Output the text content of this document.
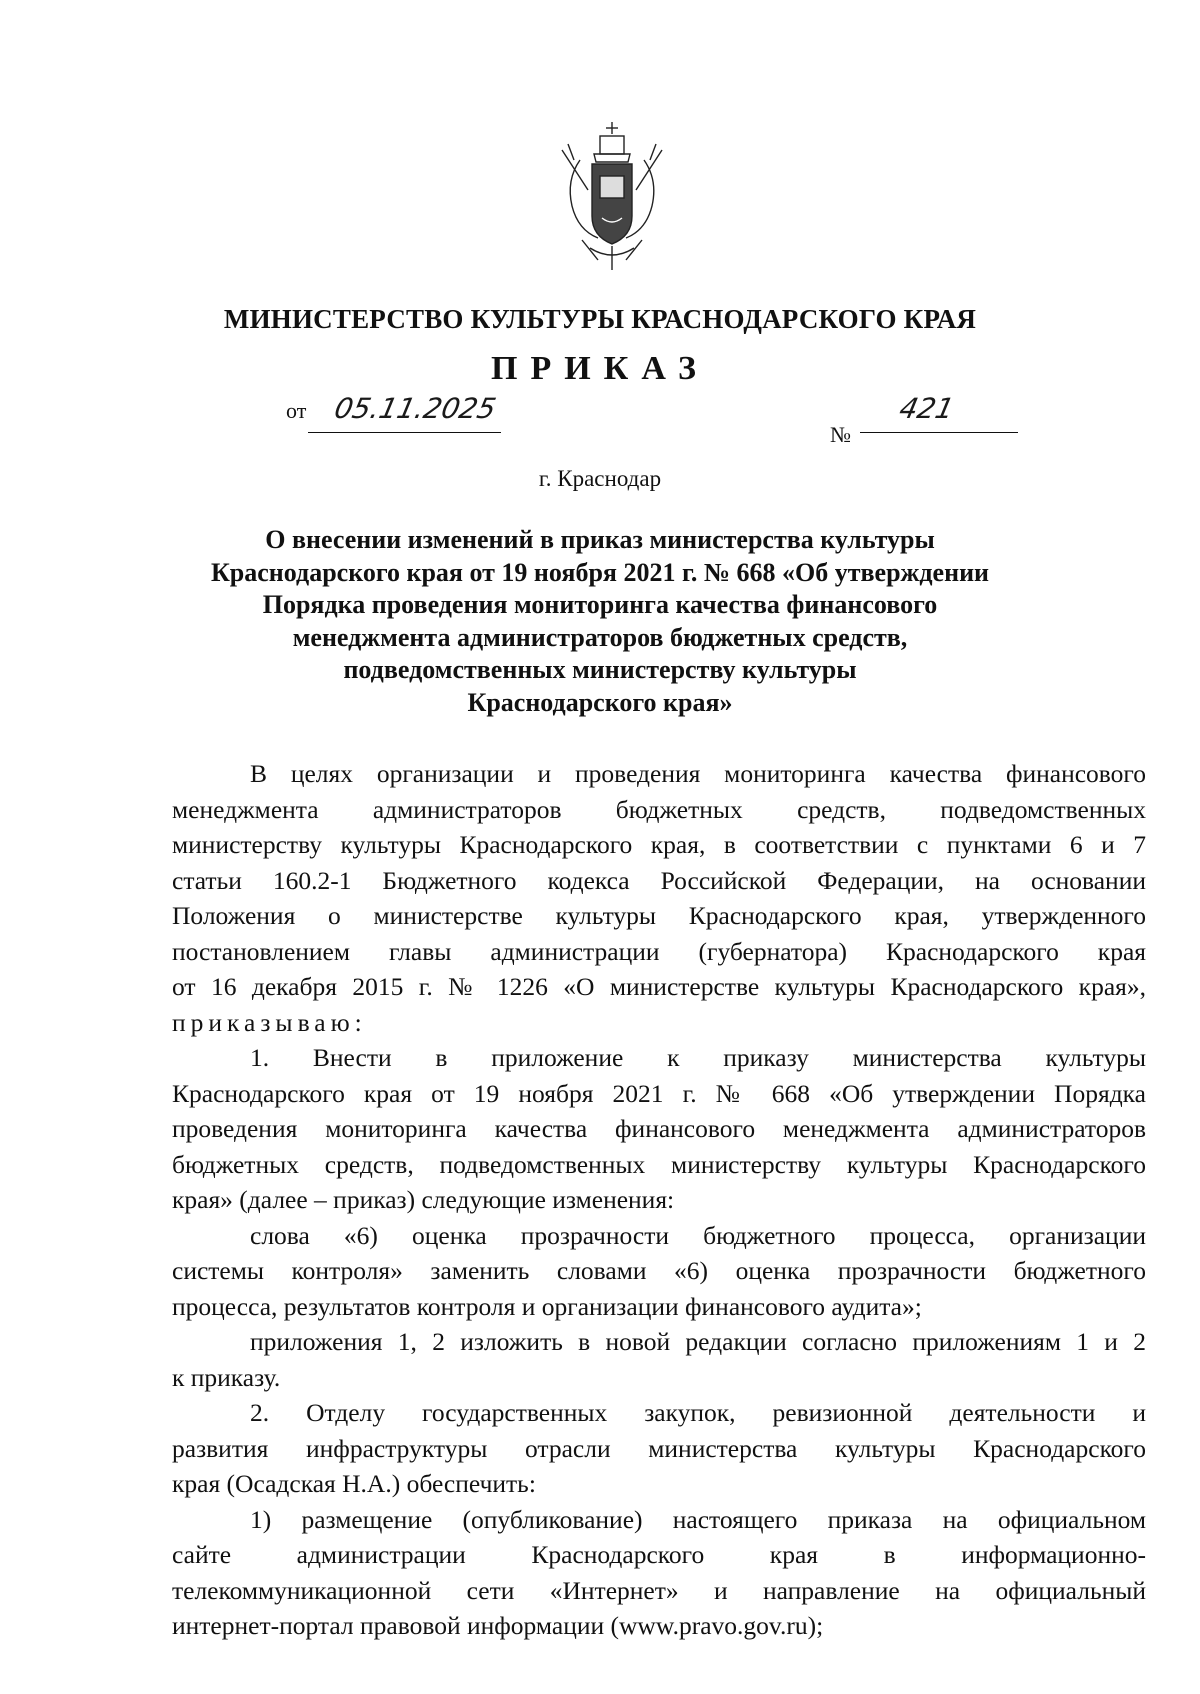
МИНИСТЕРСТВО КУЛЬТУРЫ КРАСНОДАРСКОГО КРАЯ
ПРИКАЗ
от 05.11.2025
№
421
г. Краснодар
О внесении изменений в приказ министерства культуры
Краснодарского края от 19 ноября 2021 г. № 668 «Об утверждении
Порядка проведения мониторинга качества финансового
менеджмента администраторов бюджетных средств,
подведомственных министерству культуры
Краснодарского края»

В целях организации и проведения мониторинга качества финансового

менеджмента администраторов бюджетных средств, подведомственных

министерству культуры Краснодарского края, в соответствии с пунктами 6 и 7

статьи 160.2-1 Бюджетного кодекса Российской Федерации, на основании

Положения о министерстве культуры Краснодарского края, утвержденного

постановлением главы администрации (губернатора) Краснодарского края

от 16 декабря 2015 г. № 1226 «О министерстве культуры Краснодарского края»,

приказываю:

1. Внести в приложение к приказу министерства культуры

Краснодарского края от 19 ноября 2021 г. № 668 «Об утверждении Порядка

проведения мониторинга качества финансового менеджмента администраторов

бюджетных средств, подведомственных министерству культуры Краснодарского

края» (далее – приказ) следующие изменения:

слова «6) оценка прозрачности бюджетного процесса, организации

системы контроля» заменить словами «6) оценка прозрачности бюджетного

процесса, результатов контроля и организации финансового аудита»;

приложения 1, 2 изложить в новой редакции согласно приложениям 1 и 2

к приказу.

2. Отделу государственных закупок, ревизионной деятельности и

развития инфраструктуры отрасли министерства культуры Краснодарского

края (Осадская Н.А.) обеспечить:

1) размещение (опубликование) настоящего приказа на официальном

сайте администрации Краснодарского края в информационно-

телекоммуникационной сети «Интернет» и направление на официальный

интернет-портал правовой информации (www.pravo.gov.ru);
